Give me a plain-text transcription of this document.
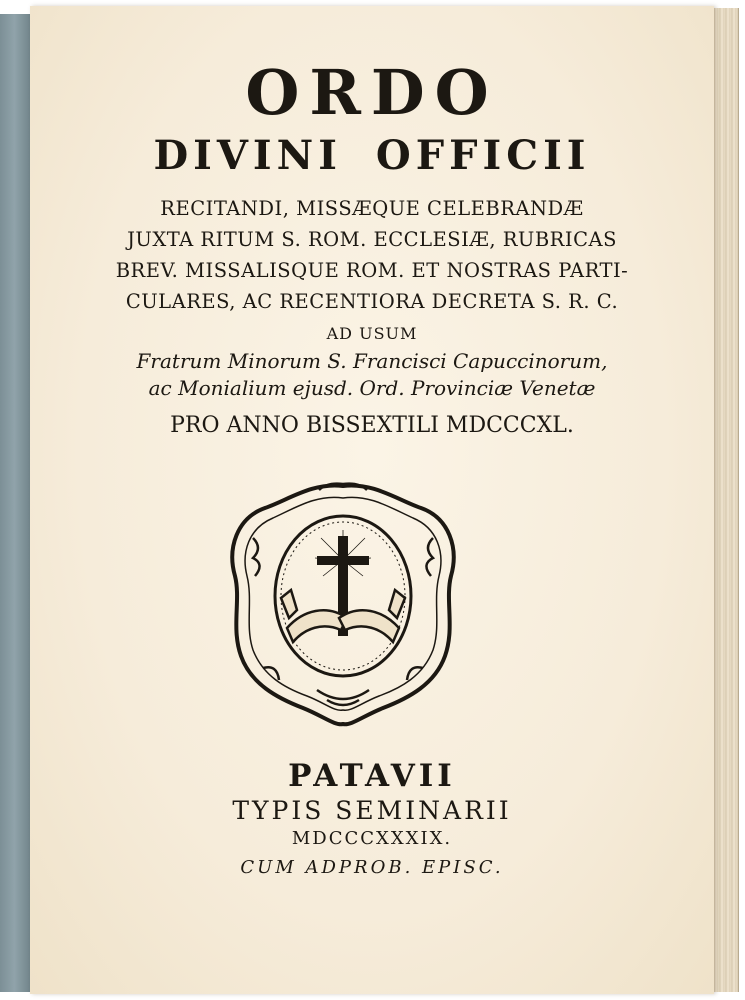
ORDO
DIVINI OFFICII
RECITANDI, MISSÆQUE CELEBRANDÆ
JUXTA RITUM S. ROM. ECCLESIÆ, RUBRICAS
BREV. MISSALISQUE ROM. ET NOSTRAS PARTI-
CULARES, AC RECENTIORA DECRETA S. R. C.
AD USUM
Fratrum Minorum S. Francisci Capuccinorum,
ac Monialium ejusd. Ord. Provinciæ Venetæ
PRO ANNO BISSEXTILI MDCCCXL.
PATAVII
TYPIS SEMINARII
MDCCCXXXIX.
CUM ADPROB. EPISC.
